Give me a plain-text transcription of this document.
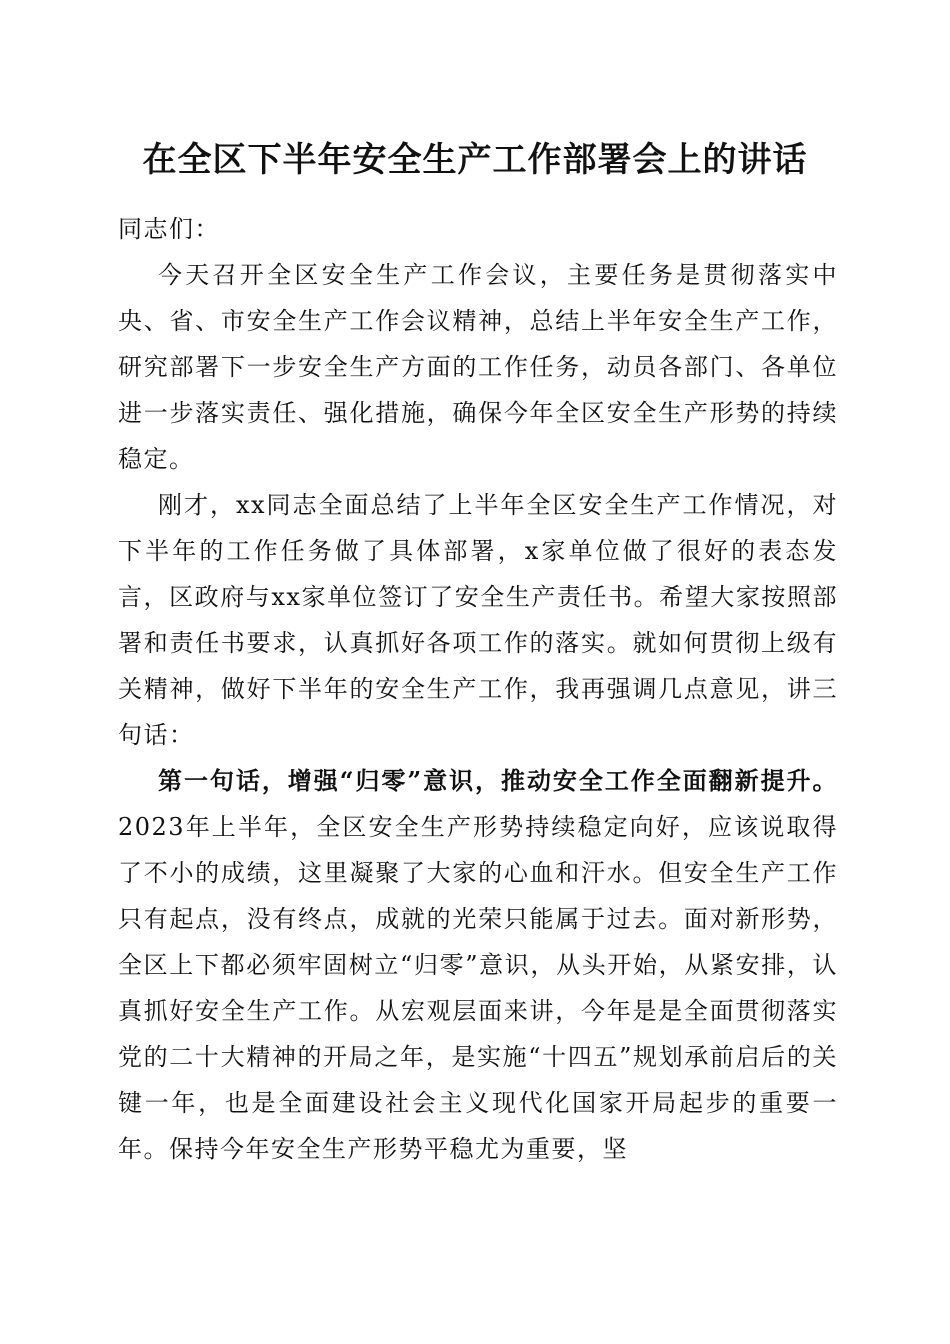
在全区下半年安全生产工作部署会上的讲话

同志们：

今天召开全区安全生产工作会议，主要任务是贯彻落实中央、省、市安全生产工作会议精神，总结上半年安全生产工作，研究部署下一步安全生产方面的工作任务，动员各部门、各单位进一步落实责任、强化措施，确保今年全区安全生产形势的持续稳定。

刚才，xx同志全面总结了上半年全区安全生产工作情况，对下半年的工作任务做了具体部署，x家单位做了很好的表态发言，区政府与xx家单位签订了安全生产责任书。希望大家按照部署和责任书要求，认真抓好各项工作的落实。就如何贯彻上级有关精神，做好下半年的安全生产工作，我再强调几点意见，讲三句话：

第一句话，增强“归零”意识，推动安全工作全面翻新提升。2023年上半年，全区安全生产形势持续稳定向好，应该说取得了不小的成绩，这里凝聚了大家的心血和汗水。但安全生产工作只有起点，没有终点，成就的光荣只能属于过去。面对新形势，全区上下都必须牢固树立“归零”意识，从头开始，从紧安排，认真抓好安全生产工作。从宏观层面来讲，今年是是全面贯彻落实党的二十大精神的开局之年，是实施“十四五”规划承前启后的关键一年，也是全面建设社会主义现代化国家开局起步的重要一年。保持今年安全生产形势平稳尤为重要，坚
